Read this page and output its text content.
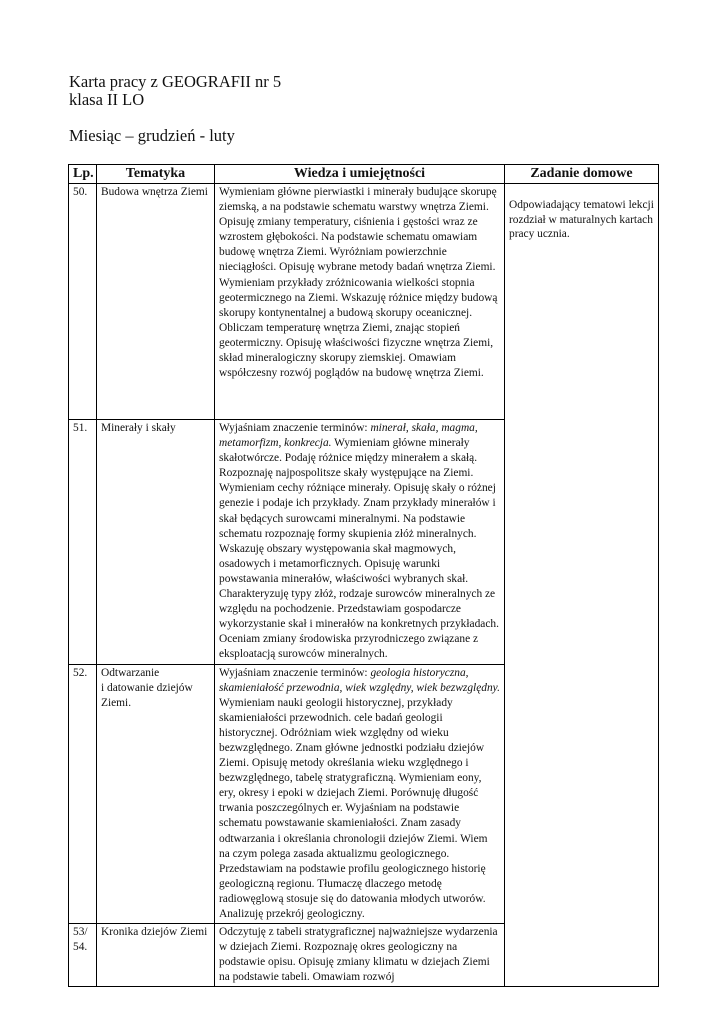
Karta pracy z GEOGRAFII nr 5
klasa II LO
Miesiąc – grudzień - luty
Lp.	Tematyka	Wiedza i umiejętności	Zadanie domowe
50.	Budowa wnętrza Ziemi	Wymieniam główne pierwiastki i minerały budujące skorupę ziemską, a na podstawie schematu warstwy wnętrza Ziemi. Opisuję zmiany temperatury, ciśnienia i gęstości wraz ze wzrostem głębokości. Na podstawie schematu omawiam budowę wnętrza Ziemi. Wyróżniam powierzchnie nieciągłości. Opisuję wybrane metody badań wnętrza Ziemi. Wymieniam przykłady zróżnicowania wielkości stopnia geotermicznego na Ziemi. Wskazuję różnice między budową skorupy kontynentalnej a budową skorupy oceanicznej. Obliczam temperaturę wnętrza Ziemi, znając stopień geotermiczny. Opisuję właściwości fizyczne wnętrza Ziemi, skład mineralogiczny skorupy ziemskiej. Omawiam współczesny rozwój poglądów na budowę wnętrza Ziemi.	Odpowiadający tematowi lekcji rozdział w maturalnych kartach pracy ucznia.
51.	Minerały i skały	Wyjaśniam znaczenie terminów: minerał, skała, magma, metamorfizm, konkrecja. Wymieniam główne minerały skałotwórcze. Podaję różnice między minerałem a skałą. Rozpoznaję najpospolitsze skały występujące na Ziemi. Wymieniam cechy różniące minerały. Opisuję skały o różnej genezie i podaje ich przykłady. Znam przykłady minerałów i skał będących surowcami mineralnymi. Na podstawie schematu rozpoznaję formy skupienia złóż mineralnych. Wskazuję obszary występowania skał magmowych, osadowych i metamorficznych. Opisuję warunki powstawania minerałów, właściwości wybranych skał. Charakteryzuję typy złóż, rodzaje surowców mineralnych ze względu na pochodzenie. Przedstawiam gospodarcze wykorzystanie skał i minerałów na konkretnych przykładach. Oceniam zmiany środowiska przyrodniczego związane z eksploatacją surowców mineralnych.	
52.	Odtwarzanie
i datowanie dziejów Ziemi.	Wyjaśniam znaczenie terminów: geologia historyczna, skamieniałość przewodnia, wiek względny, wiek bezwzględny. Wymieniam nauki geologii historycznej, przykłady skamieniałości przewodnich. cele badań geologii historycznej. Odróżniam wiek względny od wieku bezwzględnego. Znam główne jednostki podziału dziejów Ziemi. Opisuję metody określania wieku względnego i bezwzględnego, tabelę stratygraficzną. Wymieniam eony, ery, okresy i epoki w dziejach Ziemi. Porównuję długość trwania poszczególnych er. Wyjaśniam na podstawie schematu powstawanie skamieniałości. Znam zasady odtwarzania i określania chronologii dziejów Ziemi. Wiem na czym polega zasada aktualizmu geologicznego. Przedstawiam na podstawie profilu geologicznego historię geologiczną regionu. Tłumaczę dlaczego metodę radiowęglową stosuje się do datowania młodych utworów. Analizuję przekrój geologiczny.	
53/
54.	Kronika dziejów Ziemi	Odczytuję z tabeli stratygraficznej najważniejsze wydarzenia w dziejach Ziemi. Rozpoznaję okres geologiczny na podstawie opisu. Opisuję zmiany klimatu w dziejach Ziemi na podstawie tabeli. Omawiam rozwój	
